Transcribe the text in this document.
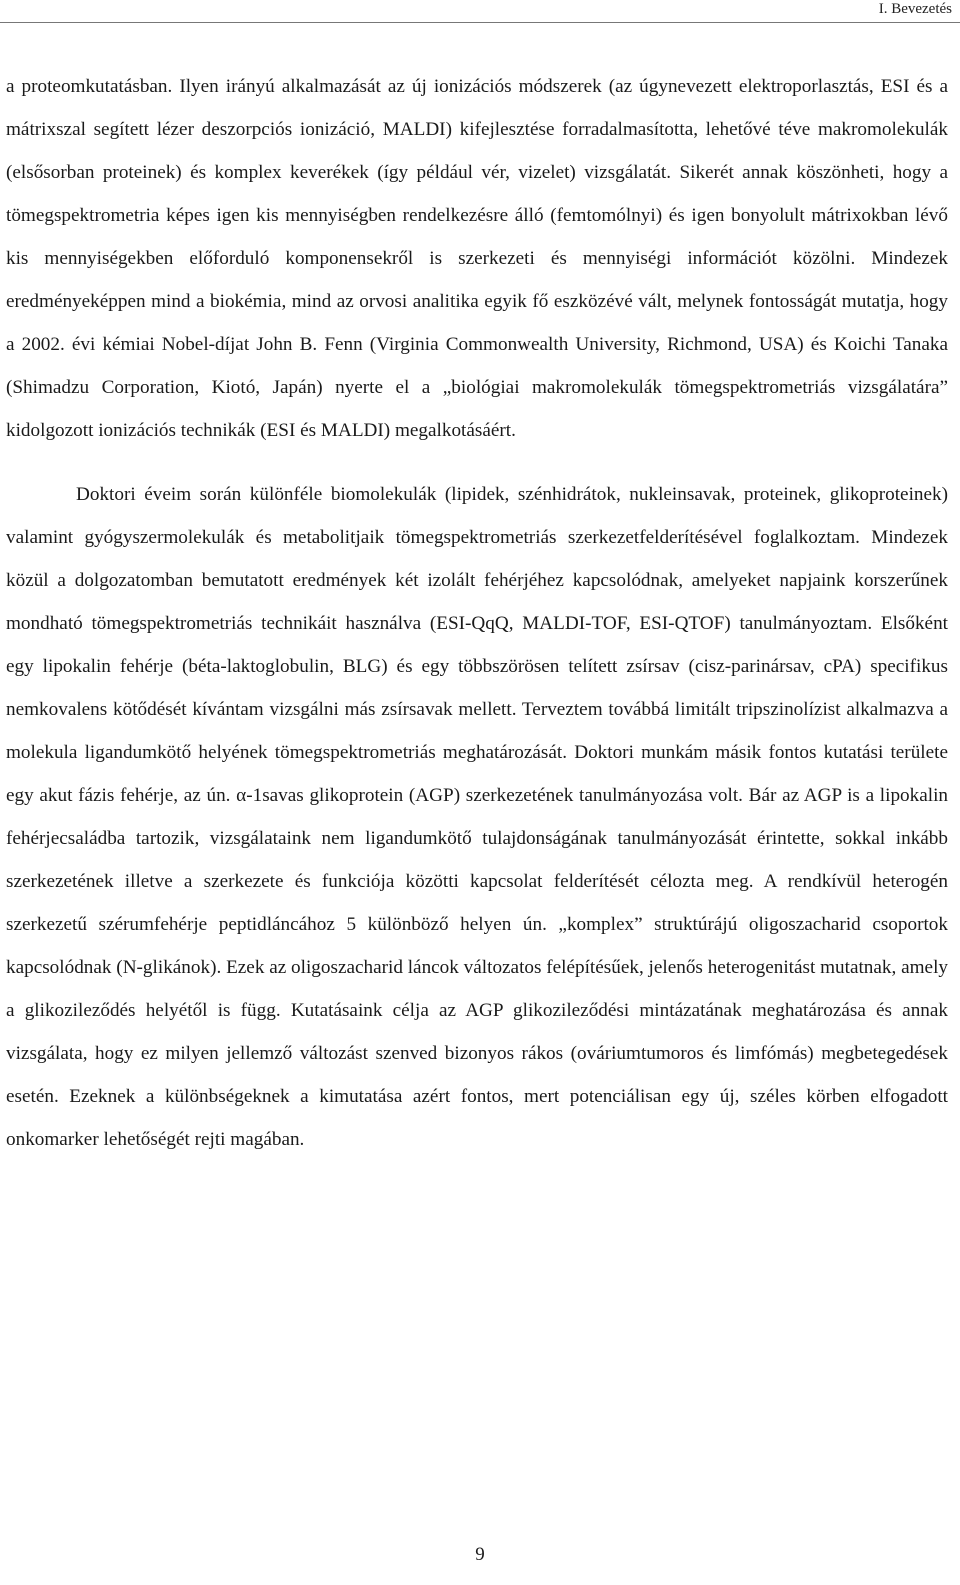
I. Bevezetés

a proteomkutatásban. Ilyen irányú alkalmazását az új ionizációs módszerek (az úgynevezett elektroporlasztás, ESI és a mátrixszal segített lézer deszorpciós ionizáció, MALDI) kifejlesztése forradalmasította, lehetővé téve makromolekulák (elsősorban proteinek) és komplex keverékek (így például vér, vizelet) vizsgálatát. Sikerét annak köszönheti, hogy a tömegspektrometria képes igen kis mennyiségben rendelkezésre álló (femtomólnyi) és igen bonyolult mátrixokban lévő kis mennyiségekben előforduló komponensekről is szerkezeti és mennyiségi információt közölni. Mindezek eredményeképpen mind a biokémia, mind az orvosi analitika egyik fő eszközévé vált, melynek fontosságát mutatja, hogy a 2002. évi kémiai Nobel-díjat John B. Fenn (Virginia Commonwealth University, Richmond, USA) és Koichi Tanaka (Shimadzu Corporation, Kiotó, Japán) nyerte el a „biológiai makromolekulák tömegspektrometriás vizsgálatára” kidolgozott ionizációs technikák (ESI és MALDI) megalkotásáért.

Doktori éveim során különféle biomolekulák (lipidek, szénhidrátok, nukleinsavak, proteinek, glikoproteinek) valamint gyógyszermolekulák és metabolitjaik tömegspektrometriás szerkezetfelderítésével foglalkoztam. Mindezek közül a dolgozatomban bemutatott eredmények két izolált fehérjéhez kapcsolódnak, amelyeket napjaink korszerűnek mondható tömegspektrometriás technikáit használva (ESI-QqQ, MALDI-TOF, ESI-QTOF) tanulmányoztam. Elsőként egy lipokalin fehérje (béta-laktoglobulin, BLG) és egy többszörösen telített zsírsav (cisz-parinársav, cPA) specifikus nemkovalens kötődését kívántam vizsgálni más zsírsavak mellett. Terveztem továbbá limitált tripszinolízist alkalmazva a molekula ligandumkötő helyének tömegspektrometriás meghatározását. Doktori munkám másik fontos kutatási területe egy akut fázis fehérje, az ún. α-1savas glikoprotein (AGP) szerkezetének tanulmányozása volt. Bár az AGP is a lipokalin fehérjecsaládba tartozik, vizsgálataink nem ligandumkötő tulajdonságának tanulmányozását érintette, sokkal inkább szerkezetének illetve a szerkezete és funkciója közötti kapcsolat felderítését célozta meg. A rendkívül heterogén szerkezetű szérumfehérje peptidláncához 5 különböző helyen ún. „komplex” struktúrájú oligoszacharid csoportok kapcsolódnak (N-glikánok). Ezek az oligoszacharid láncok változatos felépítésűek, jelenős heterogenitást mutatnak, amely a glikozileződés helyétől is függ. Kutatásaink célja az AGP glikozileződési mintázatának meghatározása és annak vizsgálata, hogy ez milyen jellemző változást szenved bizonyos rákos (ováriumtumoros és limfómás) megbetegedések esetén. Ezeknek a különbségeknek a kimutatása azért fontos, mert potenciálisan egy új, széles körben elfogadott onkomarker lehetőségét rejti magában.

9
